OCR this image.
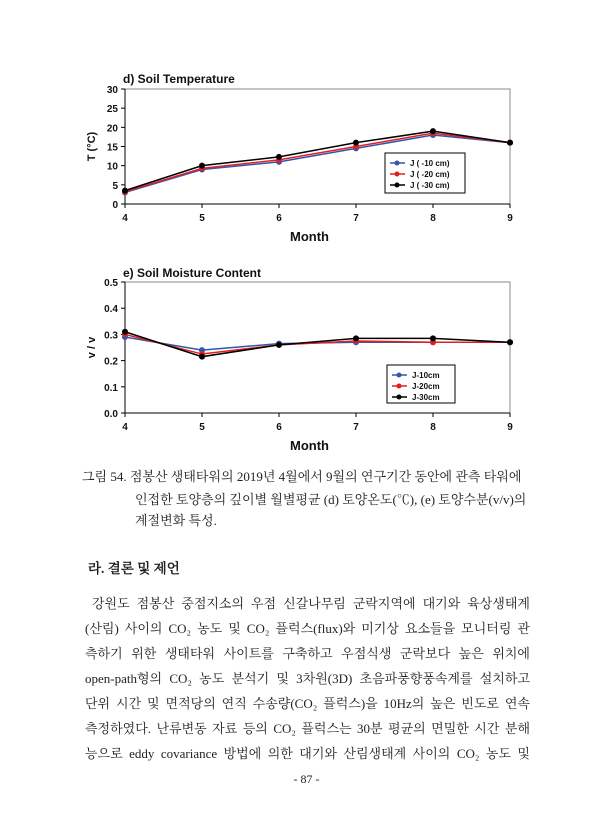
d) Soil Temperature
0
5
10
15
20
25
30
4	5	6	7	8	9
Month
T (°C)
J ( -10 cm)
J ( -20 cm)
J ( -30 cm)
e) Soil Moisture Content
0.0
0.1
0.2
0.3
0.4
0.5
4	5	6	7	8	9
Month
v / v
J-10cm
J-20cm
J-30cm
그림 54. 점봉산 생태타워의 2019년 4월에서 9월의 연구기간 동안에 관측 타워에
인접한 토양층의 깊이별 월별평균 (d) 토양온도(℃), (e) 토양수분(v/v)의
계절변화 특성.
라. 결론 및 제언
강원도 점봉산 중점지소의 우점 신갈나무림 군락지역에 대기와 육상생태계
(산림) 사이의 CO₂ 농도 및 CO₂ 플럭스(flux)와 미기상 요소들을 모니터링 관
측하기 위한 생태타워 사이트를 구축하고 우점식생 군락보다 높은 위치에
open-path형의 CO₂ 농도 분석기 및 3차원(3D) 초음파풍향풍속계를 설치하고
단위 시간 및 면적당의 연직 수송량(CO₂ 플럭스)을 10Hz의 높은 빈도로 연속
측정하였다. 난류변동 자료 등의 CO₂ 플럭스는 30분 평균의 면밀한 시간 분해
능으로 eddy covariance 방법에 의한 대기와 산림생태계 사이의 CO₂ 농도 및
- 87 -
